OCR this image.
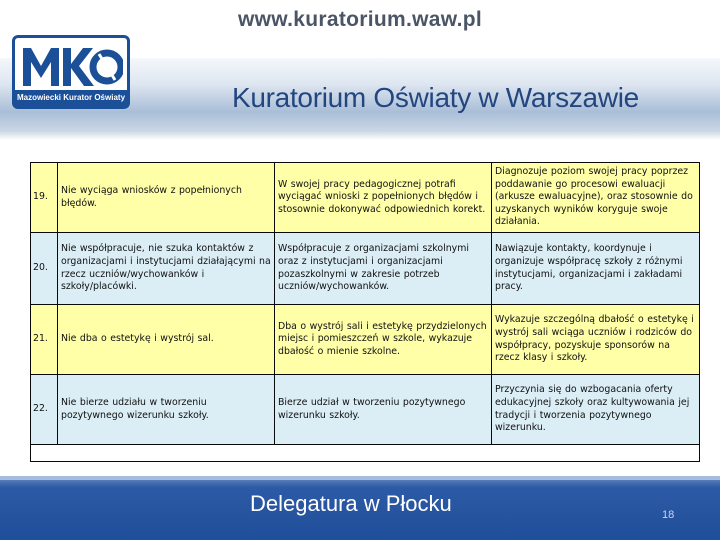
www.kuratorium.waw.pl
Mazowiecki Kurator Oświaty	Kuratorium Oświaty w Warszawie
19.	Nie wyciąga wniosków z popełnionych błędów.	W swojej pracy pedagogicznej potrafi wyciągać wnioski z popełnionych błędów i stosownie dokonywać odpowiednich korekt.	Diagnozuje poziom swojej pracy poprzez poddawanie go procesowi ewaluacji (arkusze ewaluacyjne), oraz stosownie do uzyskanych wyników koryguje swoje działania.
20.	Nie współpracuje, nie szuka kontaktów z organizacjami i instytucjami działającymi na rzecz uczniów/wychowanków i szkoły/placówki.	Współpracuje z organizacjami szkolnymi oraz z instytucjami i organizacjami pozaszkolnymi w zakresie potrzeb uczniów/wychowanków.	Nawiązuje kontakty, koordynuje i organizuje współpracę szkoły z różnymi instytucjami, organizacjami i zakładami pracy.
21.	Nie dba o estetykę i wystrój sal.	Dba o wystrój sali i estetykę przydzielonych miejsc i pomieszczeń w szkole, wykazuje dbałość o mienie szkolne.	Wykazuje szczególną dbałość o estetykę i wystrój sali wciąga uczniów i rodziców do współpracy, pozyskuje sponsorów na rzecz klasy i szkoły.
22.	Nie bierze udziału w tworzeniu pozytywnego wizerunku szkoły.	Bierze udział w tworzeniu pozytywnego wizerunku szkoły.	Przyczynia się do wzbogacania oferty edukacyjnej szkoły oraz kultywowania jej tradycji i tworzenia pozytywnego wizerunku.

Delegatura w Płocku	18
